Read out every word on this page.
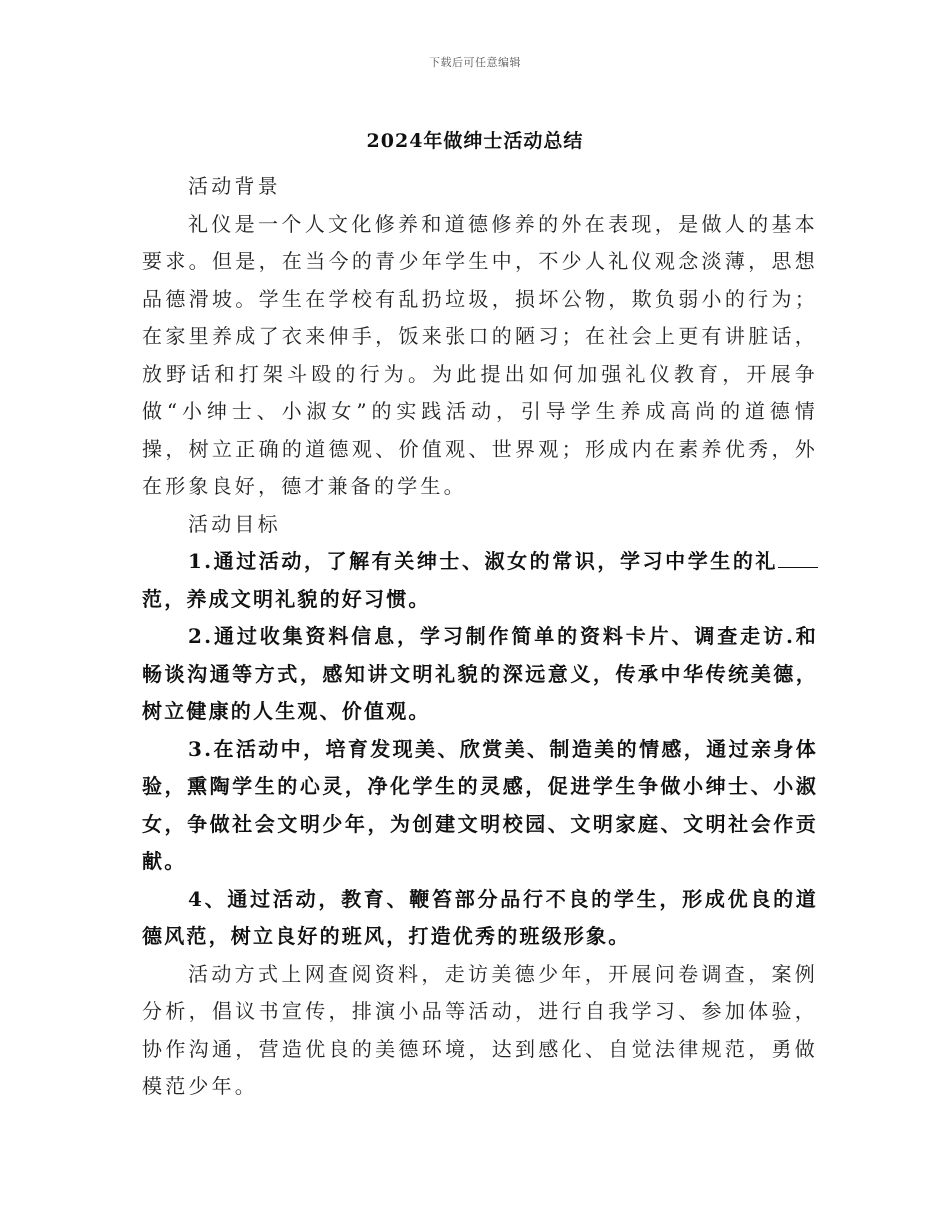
下载后可任意编辑
2024年做绅士活动总结

活动背景

礼仪是一个人文化修养和道德修养的外在表现，是做人的基本要求。但是，在当今的青少年学生中，不少人礼仪观念淡薄，思想品德滑坡。学生在学校有乱扔垃圾，损坏公物，欺负弱小的行为；在家里养成了衣来伸手，饭来张口的陋习；在社会上更有讲脏话，放野话和打架斗殴的行为。为此提出如何加强礼仪教育，开展争做“小绅士、小淑女”的实践活动，引导学生养成高尚的道德情操，树立正确的道德观、价值观、世界观；形成内在素养优秀，外在形象良好，德才兼备的学生。

活动目标

1.通过活动，了解有关绅士、淑女的常识，学习中学生的礼范，养成文明礼貌的好习惯。

2.通过收集资料信息，学习制作简单的资料卡片、调查走访.和畅谈沟通等方式，感知讲文明礼貌的深远意义，传承中华传统美德，树立健康的人生观、价值观。

3.在活动中，培育发现美、欣赏美、制造美的情感，通过亲身体验，熏陶学生的心灵，净化学生的灵感，促进学生争做小绅士、小淑女，争做社会文明少年，为创建文明校园、文明家庭、文明社会作贡献。

4、通过活动，教育、鞭笞部分品行不良的学生，形成优良的道德风范，树立良好的班风，打造优秀的班级形象。

活动方式上网查阅资料，走访美德少年，开展问卷调查，案例分析，倡议书宣传，排演小品等活动，进行自我学习、参加体验，协作沟通，营造优良的美德环境，达到感化、自觉法律规范，勇做模范少年。
